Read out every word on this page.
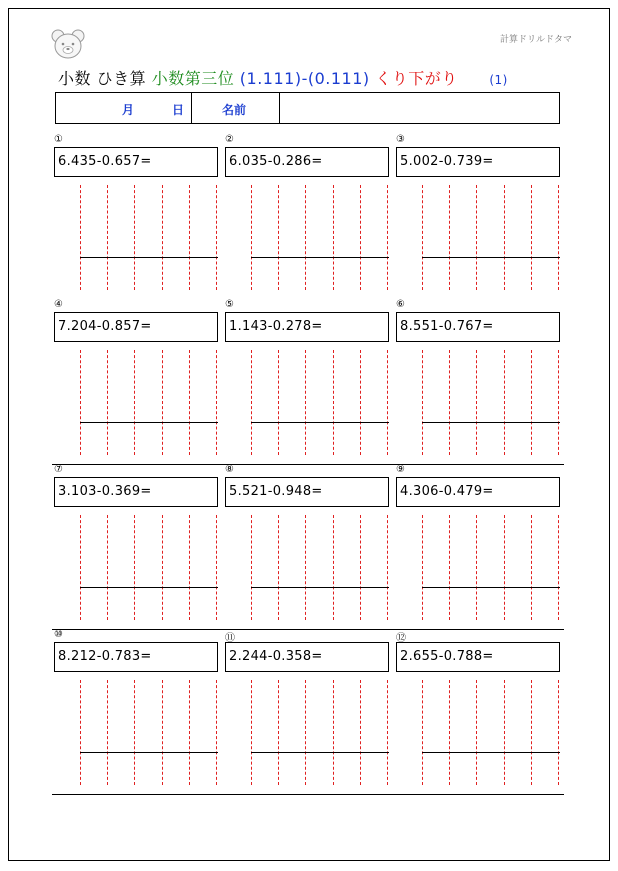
計算ドリルドタマ
小数 ひき算 小数第三位 (1.111)-(0.111) くり下がり	(1)
月	日	名前
①
6.435-0.657=
②
6.035-0.286=
③
5.002-0.739=
④
7.204-0.857=
⑤
1.143-0.278=
⑥
8.551-0.767=
⑦
3.103-0.369=
⑧
5.521-0.948=
⑨
4.306-0.479=
⑩
8.212-0.783=
⑪
2.244-0.358=
⑫
2.655-0.788=
